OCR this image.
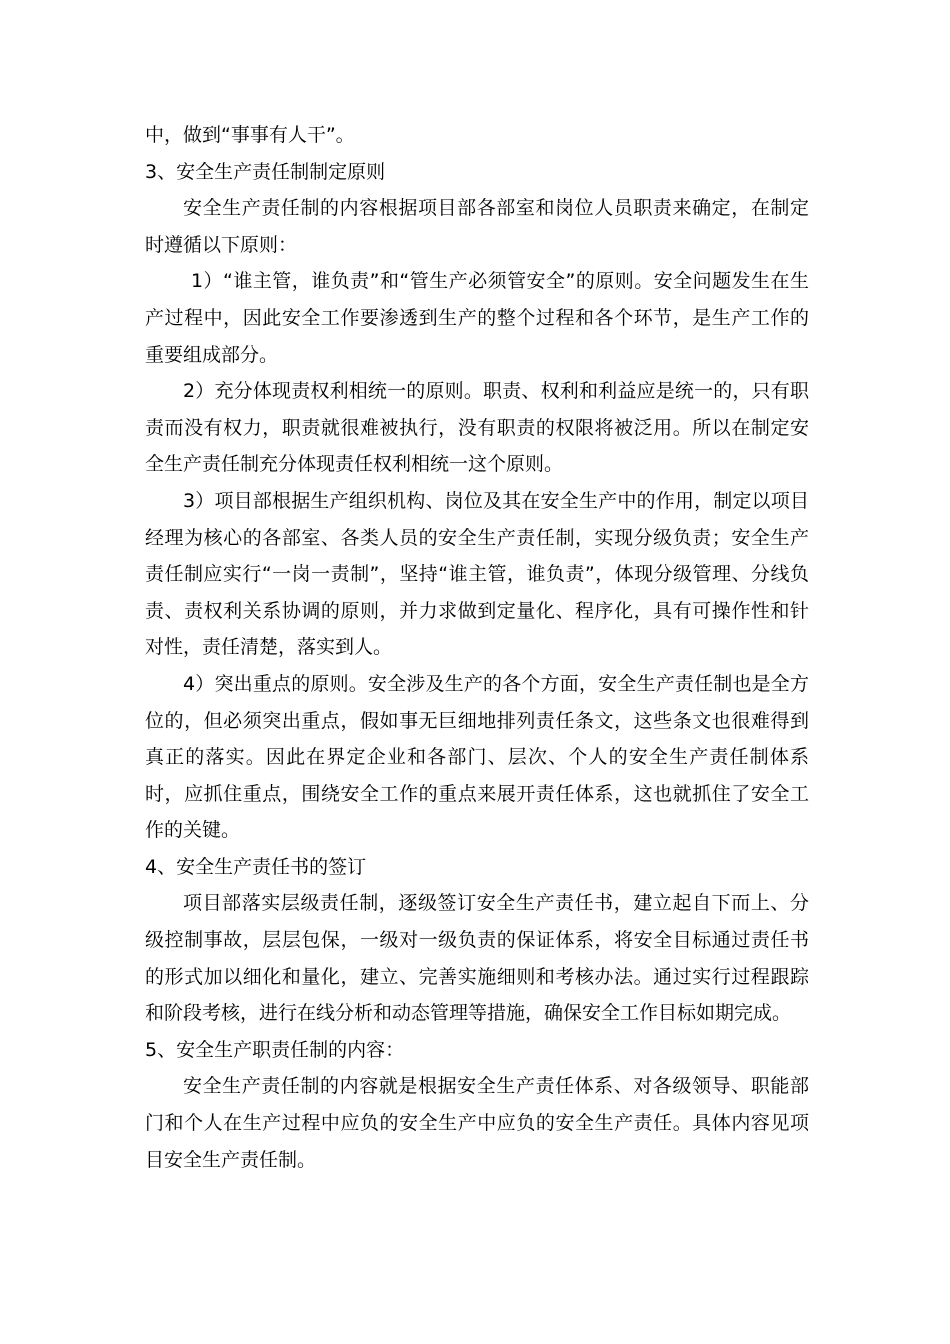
中，做到“事事有人干”。

3、安全生产责任制制定原则

安全生产责任制的内容根据项目部各部室和岗位人员职责来确定，在制定时遵循以下原则：

1）“谁主管，谁负责”和“管生产必须管安全”的原则。安全问题发生在生产过程中，因此安全工作要渗透到生产的整个过程和各个环节，是生产工作的重要组成部分。

2）充分体现责权利相统一的原则。职责、权利和利益应是统一的，只有职责而没有权力，职责就很难被执行，没有职责的权限将被泛用。所以在制定安全生产责任制充分体现责任权利相统一这个原则。

3）项目部根据生产组织机构、岗位及其在安全生产中的作用，制定以项目经理为核心的各部室、各类人员的安全生产责任制，实现分级负责；安全生产责任制应实行“一岗一责制”，坚持“谁主管，谁负责”，体现分级管理、分线负责、责权利关系协调的原则，并力求做到定量化、程序化，具有可操作性和针对性，责任清楚，落实到人。

4）突出重点的原则。安全涉及生产的各个方面，安全生产责任制也是全方位的，但必须突出重点，假如事无巨细地排列责任条文，这些条文也很难得到真正的落实。因此在界定企业和各部门、层次、个人的安全生产责任制体系时，应抓住重点，围绕安全工作的重点来展开责任体系，这也就抓住了安全工作的关键。

4、安全生产责任书的签订

项目部落实层级责任制，逐级签订安全生产责任书，建立起自下而上、分级控制事故，层层包保，一级对一级负责的保证体系，将安全目标通过责任书的形式加以细化和量化，建立、完善实施细则和考核办法。通过实行过程跟踪和阶段考核，进行在线分析和动态管理等措施，确保安全工作目标如期完成。

5、安全生产职责任制的内容：

安全生产责任制的内容就是根据安全生产责任体系、对各级领导、职能部门和个人在生产过程中应负的安全生产中应负的安全生产责任。具体内容见项目安全生产责任制。
